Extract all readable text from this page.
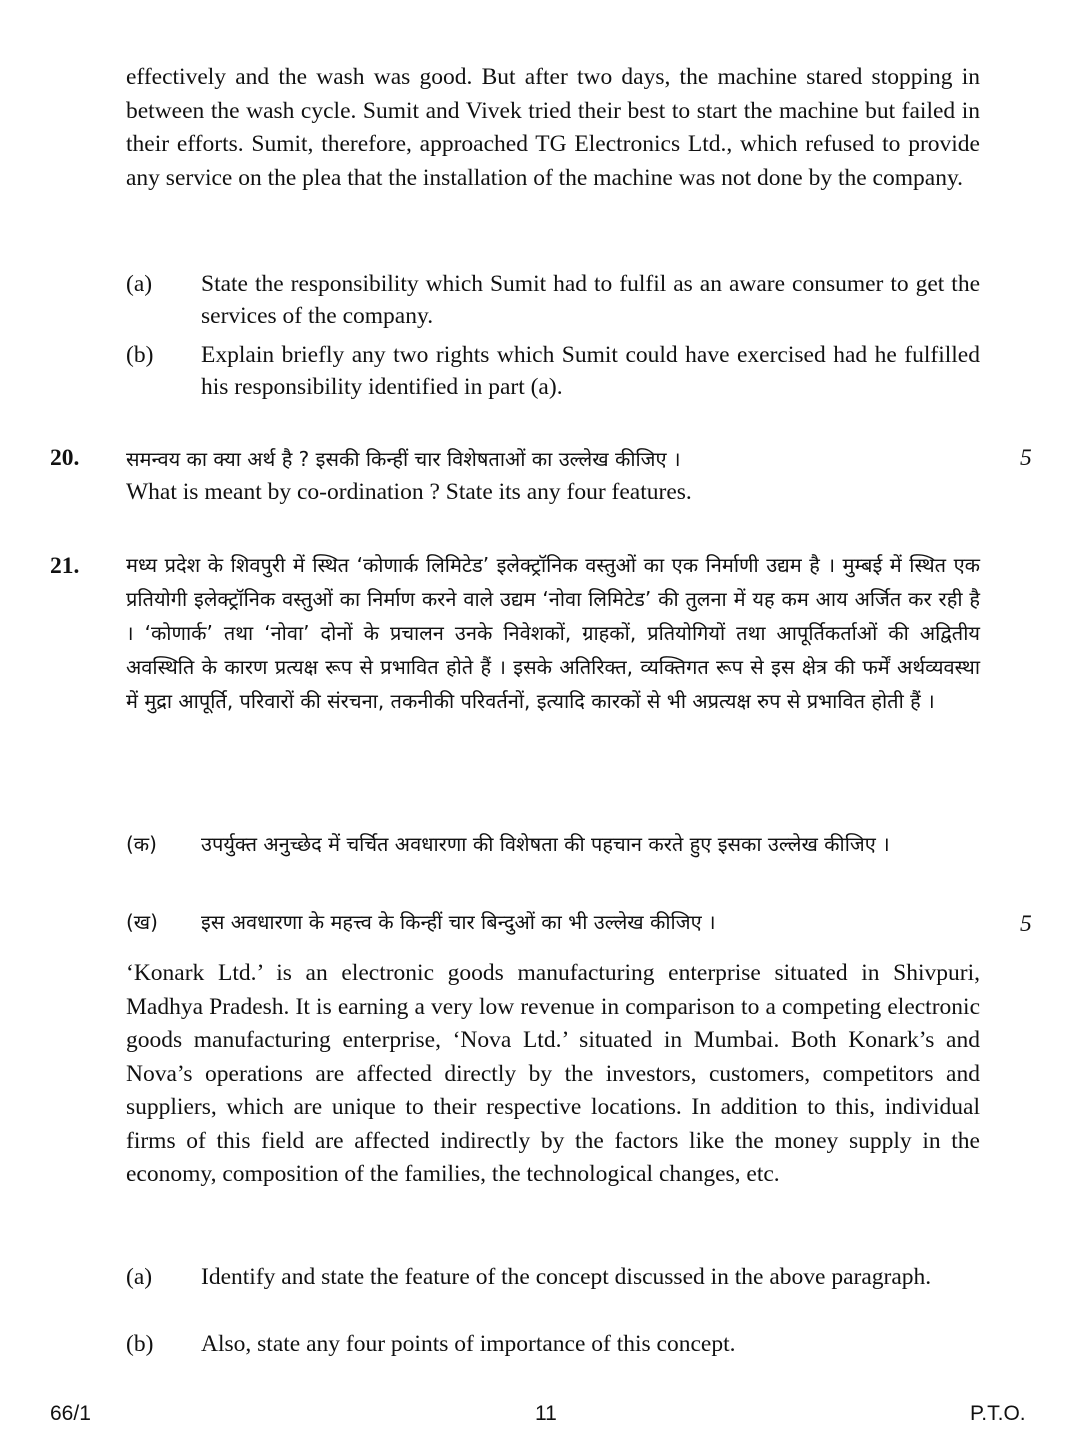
effectively and the wash was good. But after two days, the machine stared stopping in between the wash cycle. Sumit and Vivek tried their best to start the machine but failed in their efforts. Sumit, therefore, approached TG Electronics Ltd., which refused to provide any service on the plea that the installation of the machine was not done by the company.
(a) State the responsibility which Sumit had to fulfil as an aware consumer to get the services of the company.
(b) Explain briefly any two rights which Sumit could have exercised had he fulfilled his responsibility identified in part (a).
20. समन्वय का क्या अर्थ है ? इसकी किन्हीं चार विशेषताओं का उल्लेख कीजिए ।	5
What is meant by co-ordination ? State its any four features.
21. मध्य प्रदेश के शिवपुरी में स्थित ‘कोणार्क लिमिटेड’ इलेक्ट्रॉनिक वस्तुओं का एक निर्माणी उद्यम है । मुम्बई में स्थित एक प्रतियोगी इलेक्ट्रॉनिक वस्तुओं का निर्माण करने वाले उद्यम ‘नोवा लिमिटेड’ की तुलना में यह कम आय अर्जित कर रही है । ‘कोणार्क’ तथा ‘नोवा’ दोनों के प्रचालन उनके निवेशकों, ग्राहकों, प्रतियोगियों तथा आपूर्तिकर्ताओं की अद्वितीय अवस्थिति के कारण प्रत्यक्ष रूप से प्रभावित होते हैं । इसके अतिरिक्त, व्यक्तिगत रूप से इस क्षेत्र की फर्में अर्थव्यवस्था में मुद्रा आपूर्ति, परिवारों की संरचना, तकनीकी परिवर्तनों, इत्यादि कारकों से भी अप्रत्यक्ष रुप से प्रभावित होती हैं ।
(क) उपर्युक्त अनुच्छेद में चर्चित अवधारणा की विशेषता की पहचान करते हुए इसका उल्लेख कीजिए ।
(ख) इस अवधारणा के महत्त्व के किन्हीं चार बिन्दुओं का भी उल्लेख कीजिए ।	5
‘Konark Ltd.’ is an electronic goods manufacturing enterprise situated in Shivpuri, Madhya Pradesh. It is earning a very low revenue in comparison to a competing electronic goods manufacturing enterprise, ‘Nova Ltd.’ situated in Mumbai. Both Konark’s and Nova’s operations are affected directly by the investors, customers, competitors and suppliers, which are unique to their respective locations. In addition to this, individual firms of this field are affected indirectly by the factors like the money supply in the economy, composition of the families, the technological changes, etc.
(a) Identify and state the feature of the concept discussed in the above paragraph.
(b) Also, state any four points of importance of this concept.
66/1	11	P.T.O.
